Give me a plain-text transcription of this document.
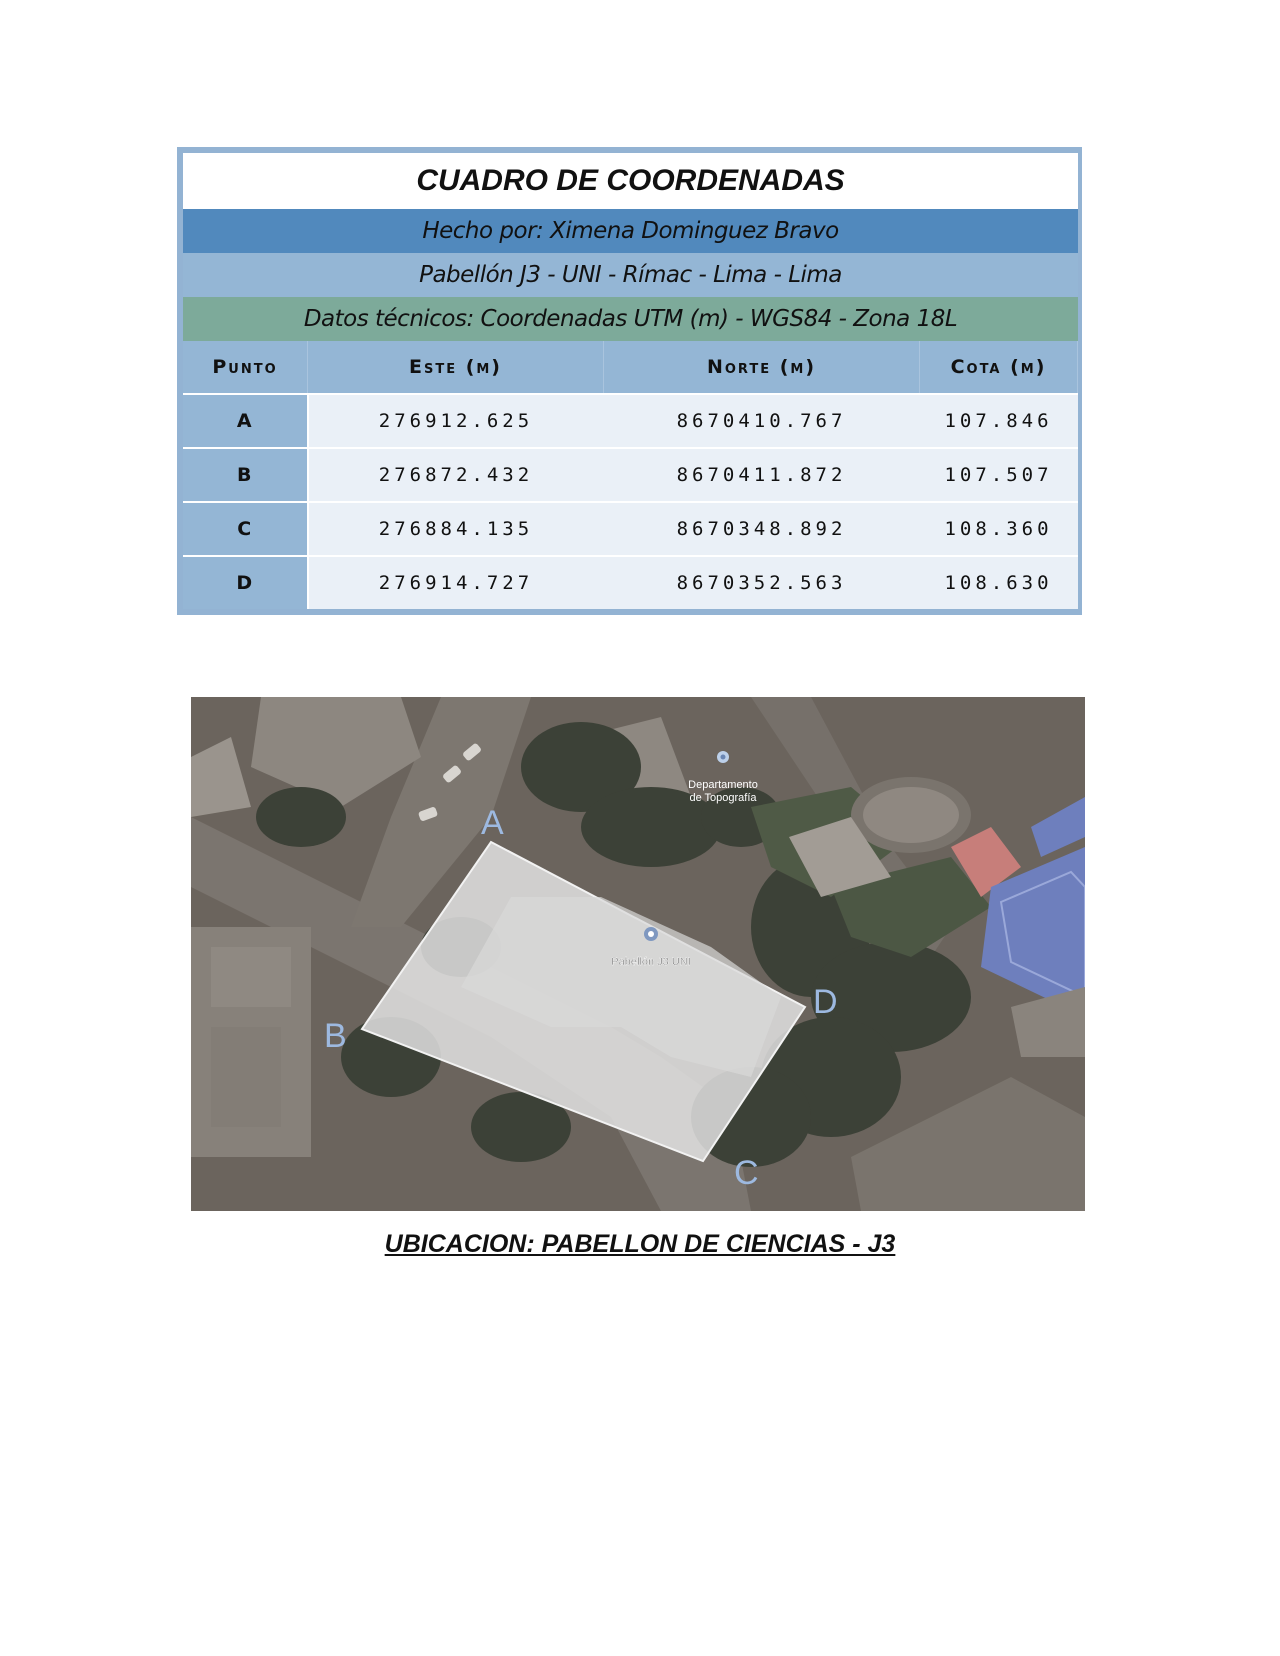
CUADRO DE COORDENADAS
Hecho por: Ximena Dominguez Bravo
Pabellón J3 - UNI - Rímac - Lima - Lima
Datos técnicos: Coordenadas UTM (m) - WGS84 - Zona 18L
Punto	Este (m)	Norte (m)	Cota (m)
A	276912.625	8670410.767	107.846
B	276872.432	8670411.872	107.507
C	276884.135	8670348.892	108.360
D	276914.727	8670352.563	108.630
A
B
C
D
Departamento
de Topografía
Pabellón J3 UNI
UBICACION: PABELLON DE CIENCIAS - J3
